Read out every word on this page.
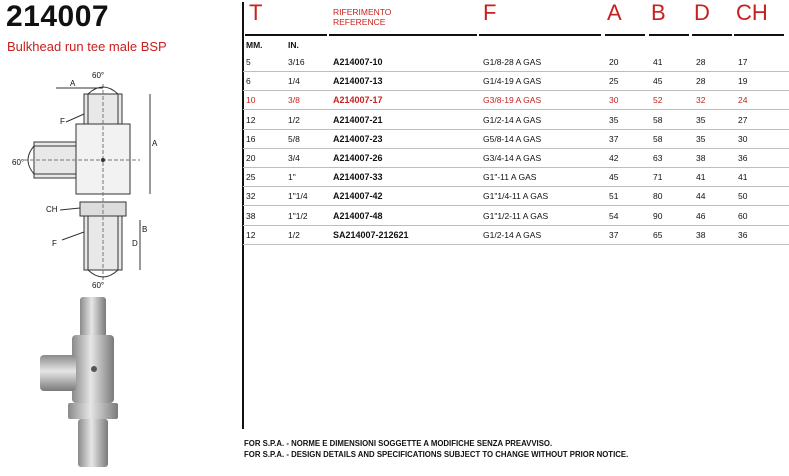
214007
Bulkhead run tee male BSP
A
60°
A
60°
F
CH
B
D
F
60°
T	RIFERIMENTO
REFERENCE	F	A B D CH
MM.	IN.
5	3/16	A214007-10	G1/8-28 A GAS	20	41	28	17
6	1/4	A214007-13	G1/4-19 A GAS	25	45	28	19
10	3/8	A214007-17	G3/8-19 A GAS	30	52	32	24
12	1/2	A214007-21	G1/2-14 A GAS	35	58	35	27
16	5/8	A214007-23	G5/8-14 A GAS	37	58	35	30
20	3/4	A214007-26	G3/4-14 A GAS	42	63	38	36
25	1"	A214007-33	G1"-11 A GAS	45	71	41	41
32	1"1/4	A214007-42	G1"1/4-11 A GAS	51	80	44	50
38	1"1/2	A214007-48	G1"1/2-11 A GAS	54	90	46	60
12	1/2	SA214007-212621	G1/2-14 A GAS	37	65	38	36
FOR S.P.A. - NORME E DIMENSIONI SOGGETTE A MODIFICHE SENZA PREAVVISO.
FOR S.P.A. - DESIGN DETAILS AND SPECIFICATIONS SUBJECT TO CHANGE WITHOUT PRIOR NOTICE.
